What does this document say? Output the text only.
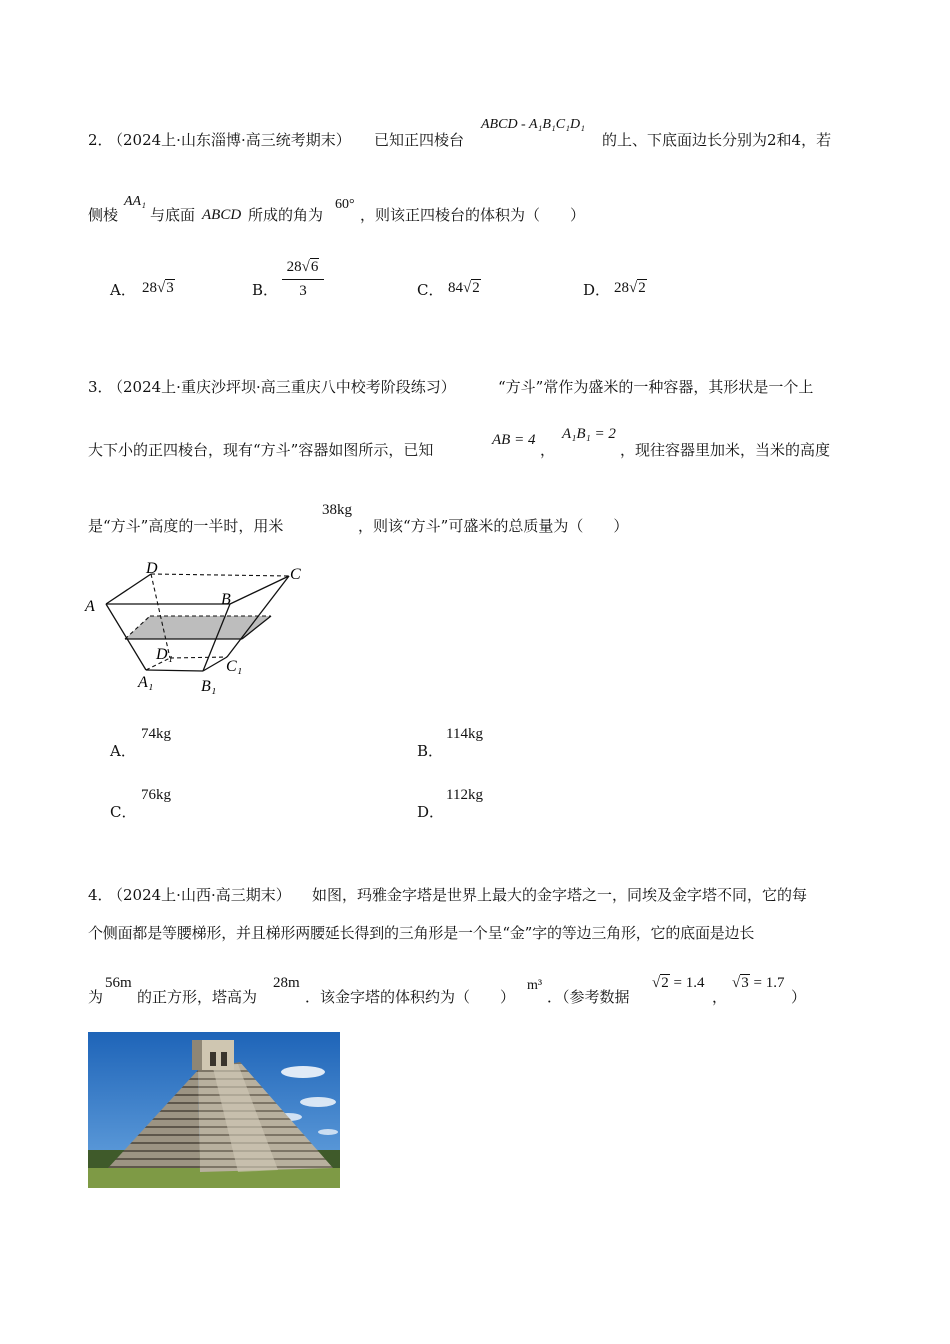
2．
（2024上·山东淄博·高三统考期末） 已知正四棱台
ABCD - A₁B₁C₁D₁
的上、下底面边长分别为2和4，若
侧棱
AA₁
与底面 ABCD 所成的角为
60°
，则该正四棱台的体积为（　　）
A． 28√3	B．
28√6
3	C． 84√2	D． 28√2
3．
（2024上·重庆沙坪坝·高三重庆八中校考阶段练习）	“方斗”常作为盛米的一种容器，其形状是一个上
大下小的正四棱台，现有“方斗”容器如图所示，已知
AB = 4
，
A₁B₁ = 2
，现往容器里加米，当米的高度
是“方斗”高度的一半时，用米
38kg
，则该“方斗”可盛米的总质量为（　　）
A	B
C
D
A₁	B₁
C₁
D₁
A．
74kg
B．
114kg
C．
76kg
D．
112kg
4．
（2024上·山西·高三期末） 如图，玛雅金字塔是世界上最大的金字塔之一，同埃及金字塔不同，它的每
个侧面都是等腰梯形，并且梯形两腰延长得到的三角形是一个呈“金”字的等边三角形，它的底面是边长
为
56m
的正方形，塔高为
28m
．该金字塔的体积约为（　　）
m³
．（参考数据
√2 = 1.4
，
√3 = 1.7
）
